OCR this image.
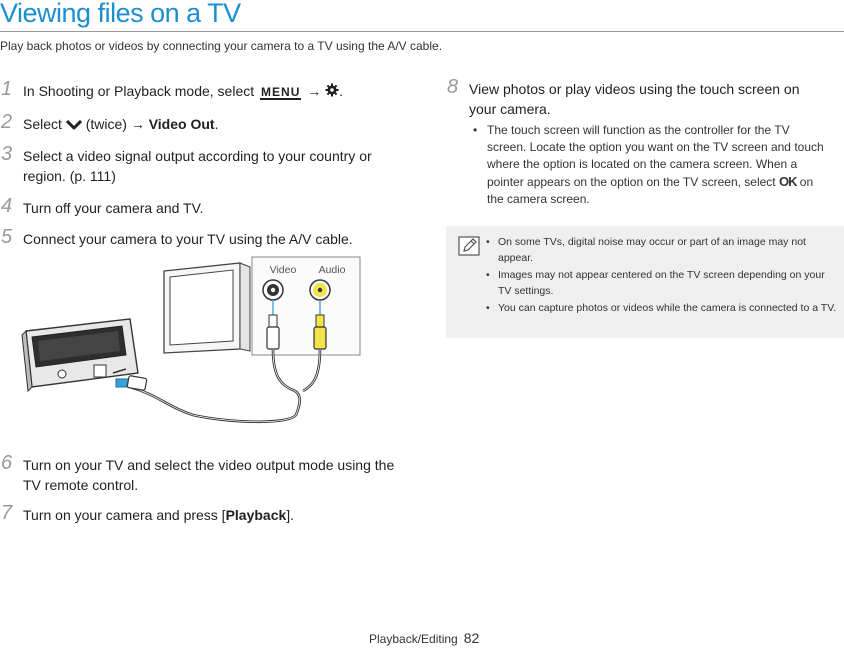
Viewing files on a TV
Play back photos or videos by connecting your camera to a TV using the A/V cable.
1 In Shooting or Playback mode, select MENU → .
2 Select  (twice) → Video Out.
3 Select a video signal output according to your country or region. (p. 111)
4 Turn off your camera and TV.
5 Connect your camera to your TV using the A/V cable.
Video Audio
6 Turn on your TV and select the video output mode using the TV remote control.
7 Turn on your camera and press [Playback].
8 View photos or play videos using the touch screen on your camera.
• The touch screen will function as the controller for the TV screen. Locate the option you want on the TV screen and touch where the option is located on the camera screen. When a pointer appears on the option on the TV screen, select OK on the camera screen.
• On some TVs, digital noise may occur or part of an image may not appear.
• Images may not appear centered on the TV screen depending on your TV settings.
• You can capture photos or videos while the camera is connected to a TV.
Playback/Editing 82
